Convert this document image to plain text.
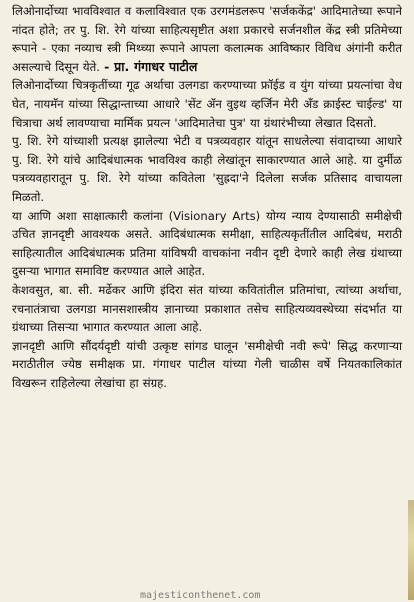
लिओनार्दोच्या भावविश्वात व कलाविश्वात एक उरगमंडलरूप 'सर्जककेंद्र' आदिमातेच्या रूपाने नांदत होते; तर पु. शि. रेगे यांच्या साहित्यसृष्टीत अशा प्रकारचे सर्जनशील केंद्र स्त्री प्रतिमेच्या रूपाने - एका नव्याच स्त्री मिथ्च्या रूपाने आपला कलात्मक आविष्कार विविध अंगांनी करीत असल्याचे दिसून येते. - प्रा. गंगाधर पाटील

लिओनार्दोच्या चित्रकृतींच्या गूढ अर्थाचा उलगडा करण्याच्या फ्रॉईड व युंग यांच्या प्रयत्नांचा वेध घेत, नायमॅन यांच्या सिद्धान्ताच्या आधारे 'सेंट ॲन वुइथ व्हर्जिन मेरी ॲंड क्राईस्ट चाईल्ड' या चित्राचा अर्थ लावण्याचा मार्मिक प्रयत्न 'आदिमातेचा पुत्र' या ग्रंथारंभीच्या लेखात दिसतो.

पु. शि. रेगे यांच्याशी प्रत्यक्ष झालेल्या भेटी व पत्रव्यवहार यांतून साधलेल्या संवादाच्या आधारे पु. शि. रेगे यांचे आदिबंधात्मक भावविश्व काही लेखांतून साकारण्यात आले आहे. या दुर्मीळ पत्रव्यवहारातून पु. शि. रेगे यांच्या कवितेला 'सुह्रदा'ने दिलेला सर्जक प्रतिसाद वाचायला मिळतो.

या आणि अशा साक्षात्कारी कलांना (Visionary Arts) योग्य न्याय देण्यासाठी समीक्षेची उचित ज्ञानदृष्टी आवश्यक असते. आदिबंधात्मक समीक्षा, साहित्यकृतींतील आदिबंध, मराठी साहित्यातील आदिबंधात्मक प्रतिमा यांविषयी वाचकांना नवीन दृष्टी देणारे काही लेख ग्रंथाच्या दुसऱ्या भागात समाविष्ट करण्यात आले आहेत.

केशवसुत, बा. सी. मर्ढेकर आणि इंदिरा संत यांच्या कवितांतील प्रतिमांचा, त्यांच्या अर्थाचा, रचनातंत्राचा उलगडा मानसशास्त्रीय ज्ञानाच्या प्रकाशात तसेच साहित्यव्यवस्थेच्या संदर्भात या ग्रंथाच्या तिसऱ्या भागात करण्यात आला आहे.

ज्ञानदृष्टी आणि सौंदर्यदृष्टी यांची उत्कृष्ट सांगड घालून 'समीक्षेची नवी रूपे' सिद्ध करणाऱ्या मराठीतील ज्येष्ठ समीक्षक प्रा. गंगाधर पाटील यांच्या गेली चाळीस वर्षे नियतकालिकांत विखरून राहिलेल्या लेखांचा हा संग्रह.

majesticonthenet.com
